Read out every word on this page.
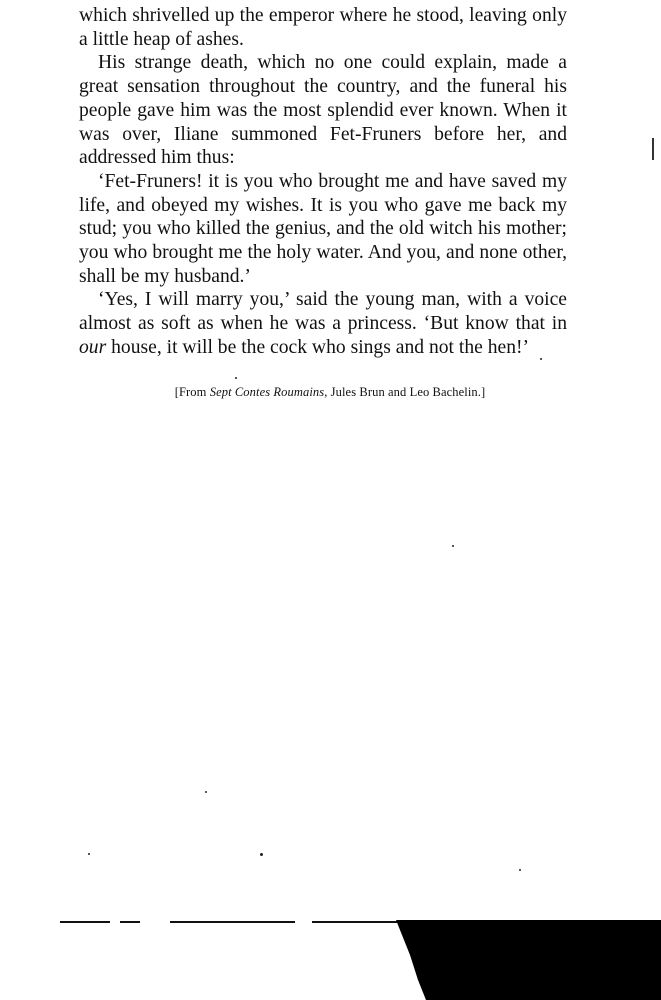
which shrivelled up the emperor where he stood, leaving only a little heap of ashes.

His strange death, which no one could explain, made a great sensation throughout the country, and the funeral his people gave him was the most splendid ever known. When it was over, Iliane summoned Fet-Fruners before her, and addressed him thus:

‘Fet-Fruners! it is you who brought me and have saved my life, and obeyed my wishes. It is you who gave me back my stud; you who killed the genius, and the old witch his mother; you who brought me the holy water. And you, and none other, shall be my husband.’

‘Yes, I will marry you,’ said the young man, with a voice almost as soft as when he was a princess. ‘But know that in our house, it will be the cock who sings and not the hen!’

[From Sept Contes Roumains, Jules Brun and Leo Bachelin.]
